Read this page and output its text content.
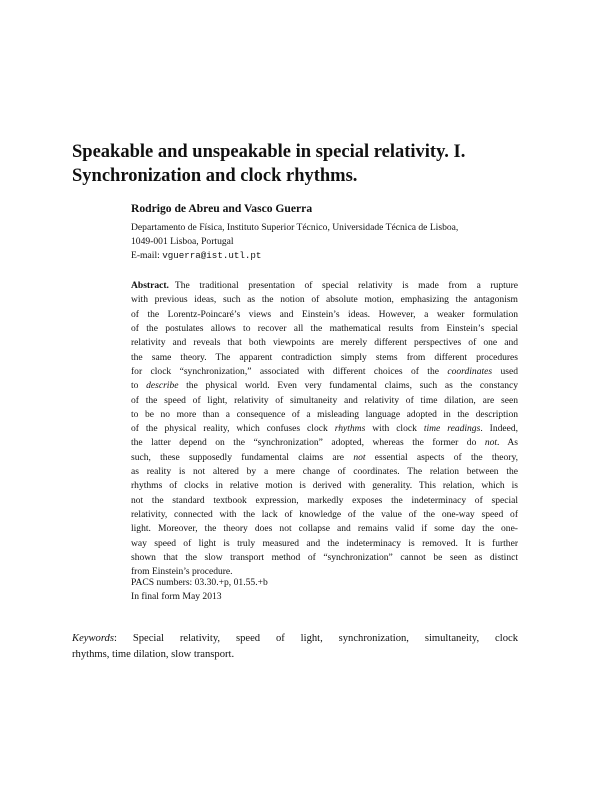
Speakable and unspeakable in special relativity. I.
Synchronization and clock rhythms.

Rodrigo de Abreu and Vasco Guerra

Departamento de Física, Instituto Superior Técnico, Universidade Técnica de Lisboa,
1049-001 Lisboa, Portugal

E-mail: vguerra@ist.utl.pt
Abstract. The traditional presentation of special relativity is made from a rupture
with previous ideas, such as the notion of absolute motion, emphasizing the antagonism
of the Lorentz-Poincaré’s views and Einstein’s ideas. However, a weaker formulation
of the postulates allows to recover all the mathematical results from Einstein’s special
relativity and reveals that both viewpoints are merely different perspectives of one and
the same theory. The apparent contradiction simply stems from different procedures
for clock “synchronization,” associated with different choices of the coordinates used
to describe the physical world. Even very fundamental claims, such as the constancy
of the speed of light, relativity of simultaneity and relativity of time dilation, are seen
to be no more than a consequence of a misleading language adopted in the description
of the physical reality, which confuses clock rhythms with clock time readings. Indeed,
the latter depend on the “synchronization” adopted, whereas the former do not. As
such, these supposedly fundamental claims are not essential aspects of the theory,
as reality is not altered by a mere change of coordinates. The relation between the
rhythms of clocks in relative motion is derived with generality. This relation, which is
not the standard textbook expression, markedly exposes the indeterminacy of special
relativity, connected with the lack of knowledge of the value of the one-way speed of
light. Moreover, the theory does not collapse and remains valid if some day the one-
way speed of light is truly measured and the indeterminacy is removed. It is further
shown that the slow transport method of “synchronization” cannot be seen as distinct
from Einstein’s procedure.

PACS numbers: 03.30.+p, 01.55.+b
In final form May 2013

Keywords: Special relativity, speed of light, synchronization, simultaneity, clock
rhythms, time dilation, slow transport.
